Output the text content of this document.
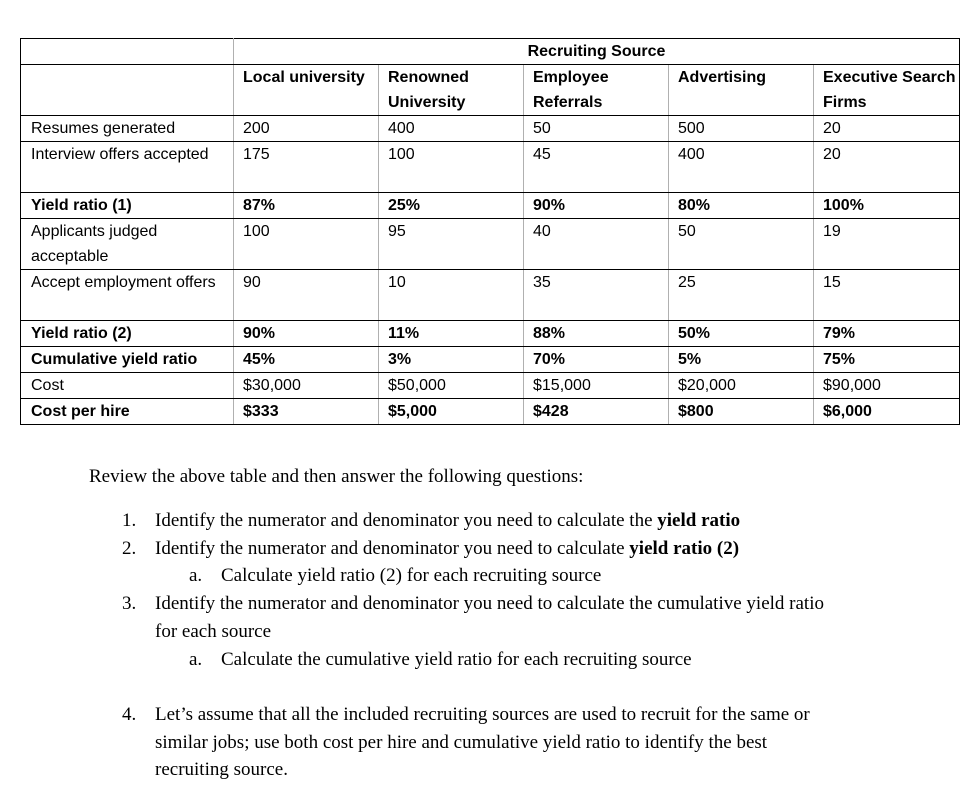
	Recruiting Source				
	Local university	Renowned University	Employee Referrals	Advertising	Executive Search Firms
Resumes generated	200	400	50	500	20
Interview offers accepted	175	100	45	400	20
Yield ratio (1)	87%	25%	90%	80%	100%
Applicants judged acceptable	100	95	40	50	19
Accept employment offers	90	10	35	25	15
Yield ratio (2)	90%	11%	88%	50%	79%
Cumulative yield ratio	45%	3%	70%	5%	75%
Cost	$30,000	$50,000	$15,000	$20,000	$90,000
Cost per hire	$333	$5,000	$428	$800	$6,000
Review the above table and then answer the following questions:
1. Identify the numerator and denominator you need to calculate the yield ratio
2. Identify the numerator and denominator you need to calculate yield ratio (2)
a. Calculate yield ratio (2) for each recruiting source
3. Identify the numerator and denominator you need to calculate the cumulative yield ratio
for each source
a. Calculate the cumulative yield ratio for each recruiting source
4. Let’s assume that all the included recruiting sources are used to recruit for the same or
similar jobs; use both cost per hire and cumulative yield ratio to identify the best
recruiting source.
